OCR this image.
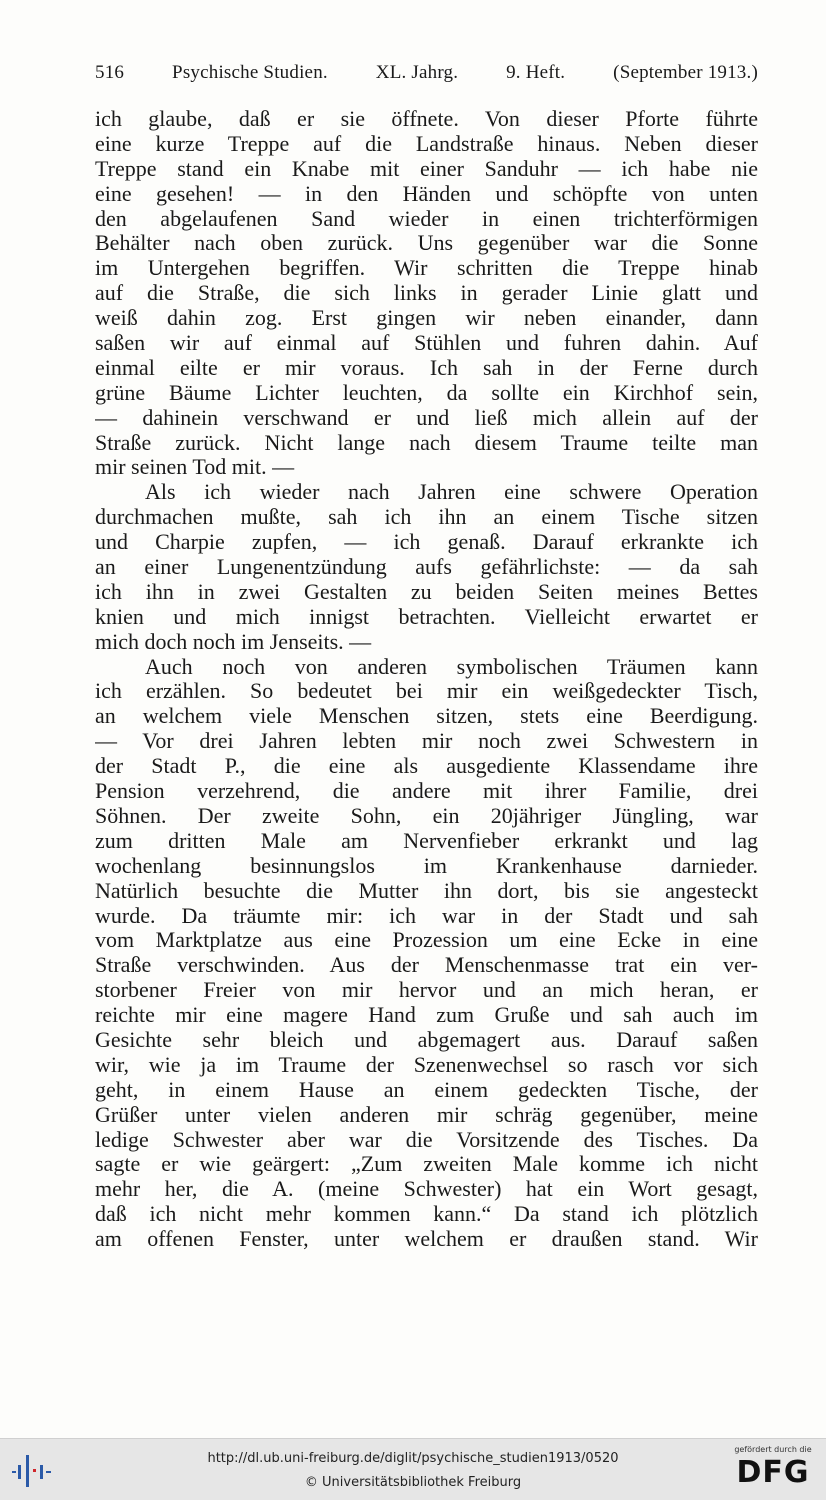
516	Psychische Studien.	XL. Jahrg.	9. Heft.	(September 1913.)
ich glaube, daß er sie öffnete. Von dieser Pforte führte
eine kurze Treppe auf die Landstraße hinaus. Neben dieser
Treppe stand ein Knabe mit einer Sanduhr — ich habe nie
eine gesehen! — in den Händen und schöpfte von unten
den abgelaufenen Sand wieder in einen trichterförmigen
Behälter nach oben zurück. Uns gegenüber war die Sonne
im Untergehen begriffen. Wir schritten die Treppe hinab
auf die Straße, die sich links in gerader Linie glatt und
weiß dahin zog. Erst gingen wir neben einander, dann
saßen wir auf einmal auf Stühlen und fuhren dahin. Auf
einmal eilte er mir voraus. Ich sah in der Ferne durch
grüne Bäume Lichter leuchten, da sollte ein Kirchhof sein,
— dahinein verschwand er und ließ mich allein auf der
Straße zurück. Nicht lange nach diesem Traume teilte man
mir seinen Tod mit. —
Als ich wieder nach Jahren eine schwere Operation
durchmachen mußte, sah ich ihn an einem Tische sitzen
und Charpie zupfen, — ich genaß. Darauf erkrankte ich
an einer Lungenentzündung aufs gefährlichste: — da sah
ich ihn in zwei Gestalten zu beiden Seiten meines Bettes
knien und mich innigst betrachten. Vielleicht erwartet er
mich doch noch im Jenseits. —
Auch noch von anderen symbolischen Träumen kann
ich erzählen. So bedeutet bei mir ein weißgedeckter Tisch,
an welchem viele Menschen sitzen, stets eine Beerdigung.
— Vor drei Jahren lebten mir noch zwei Schwestern in
der Stadt P., die eine als ausgediente Klassendame ihre
Pension verzehrend, die andere mit ihrer Familie, drei
Söhnen. Der zweite Sohn, ein 20jähriger Jüngling, war
zum dritten Male am Nervenfieber erkrankt und lag
wochenlang besinnungslos im Krankenhause darnieder.
Natürlich besuchte die Mutter ihn dort, bis sie angesteckt
wurde. Da träumte mir: ich war in der Stadt und sah
vom Marktplatze aus eine Prozession um eine Ecke in eine
Straße verschwinden. Aus der Menschenmasse trat ein ver-
storbener Freier von mir hervor und an mich heran, er
reichte mir eine magere Hand zum Gruße und sah auch im
Gesichte sehr bleich und abgemagert aus. Darauf saßen
wir, wie ja im Traume der Szenenwechsel so rasch vor sich
geht, in einem Hause an einem gedeckten Tische, der
Grüßer unter vielen anderen mir schräg gegenüber, meine
ledige Schwester aber war die Vorsitzende des Tisches. Da
sagte er wie geärgert: „Zum zweiten Male komme ich nicht
mehr her, die A. (meine Schwester) hat ein Wort gesagt,
daß ich nicht mehr kommen kann.“ Da stand ich plötzlich
am offenen Fenster, unter welchem er draußen stand. Wir
http://dl.ub.uni-freiburg.de/diglit/psychische_studien1913/0520
© Universitätsbibliothek Freiburg
gefördert durch die
DFG
